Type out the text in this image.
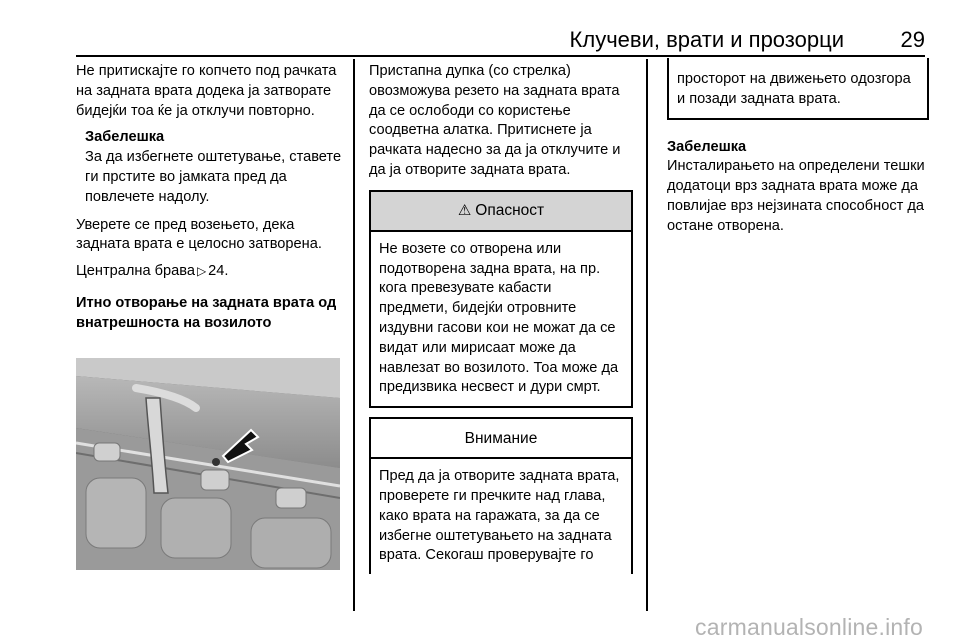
Клучеви, врати и прозорци	29

Не притискајте го копчето под рачката на задната врата додека ја затворате бидејќи тоа ќе ја отклучи повторно.

Забелешка

За да избегнете оштетување, ставете ги прстите во јамката пред да повлечете надолу.

Уверете се пред возењето, дека задната врата е целосно затворена.

Централна брава ▷ 24.

Итно отворање на задната врата од внатрешноста на возилото

Пристапна дупка (со стрелка) овозможува резето на задната врата да се ослободи со користење соодветна алатка. Притиснете ја рачката надесно за да ја отклучите и да ја отворите задната врата.

⚠ Опасност
Не возете со отворена или подотворена задна врата, на пр. кога превезувате кабасти предмети, бидејќи отровните издувни гасови кои не можат да се видат или мирисаат може да навлезат во возилото. Тоа може да предизвика несвест и дури смрт.
Внимание
Пред да ја отворите задната врата, проверете ги пречките над глава, како врата на гаражата, за да се избегне оштетувањето на задната врата. Секогаш проверувајте го
просторот на движењето одозгора и позади задната врата.

Забелешка

Инсталирањето на определени тешки додатоци врз задната врата може да повлијае врз нејзината способност да остане отворена.

carmanualsonline.info
